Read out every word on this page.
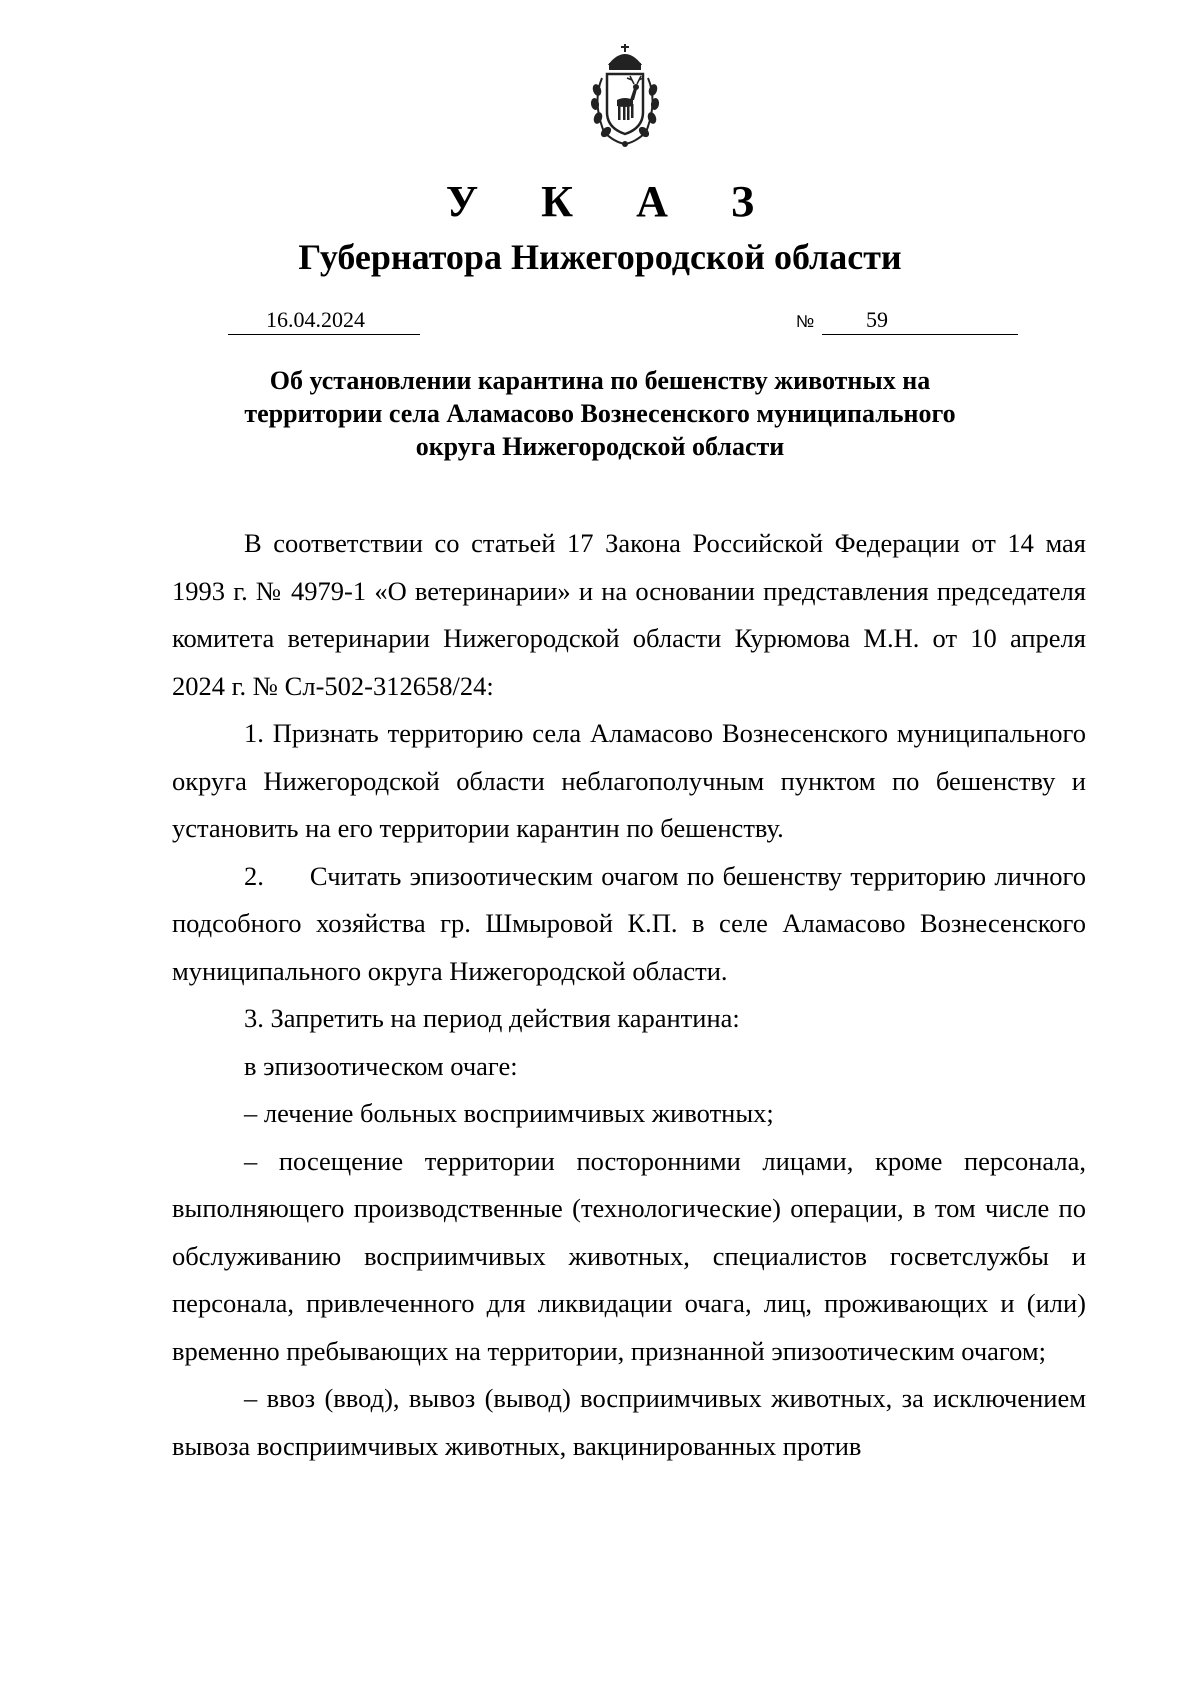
У К А З
Губернатора Нижегородской области
16.04.2024	№	59
Об установлении карантина по бешенству животных на
территории села Аламасово Вознесенского муниципального
округа Нижегородской области

В соответствии со статьей 17 Закона Российской Федерации от 14 мая 1993 г. № 4979-1 «О ветеринарии» и на основании представления председателя комитета ветеринарии Нижегородской области Курюмова М.Н. от 10 апреля 2024 г. № Сл-502-312658/24:

1. Признать территорию села Аламасово Вознесенского муниципального округа Нижегородской области неблагополучным пунктом по бешенству и установить на его территории карантин по бешенству.

2. Считать эпизоотическим очагом по бешенству территорию личного подсобного хозяйства гр. Шмыровой К.П. в селе Аламасово Вознесенского муниципального округа Нижегородской области.

3. Запретить на период действия карантина:

в эпизоотическом очаге:

– лечение больных восприимчивых животных;

– посещение территории посторонними лицами, кроме персонала, выполняющего производственные (технологические) операции, в том числе по обслуживанию восприимчивых животных, специалистов госветслужбы и персонала, привлеченного для ликвидации очага, лиц, проживающих и (или) временно пребывающих на территории, признанной эпизоотическим очагом;

– ввоз (ввод), вывоз (вывод) восприимчивых животных, за исключением вывоза восприимчивых животных, вакцинированных против
